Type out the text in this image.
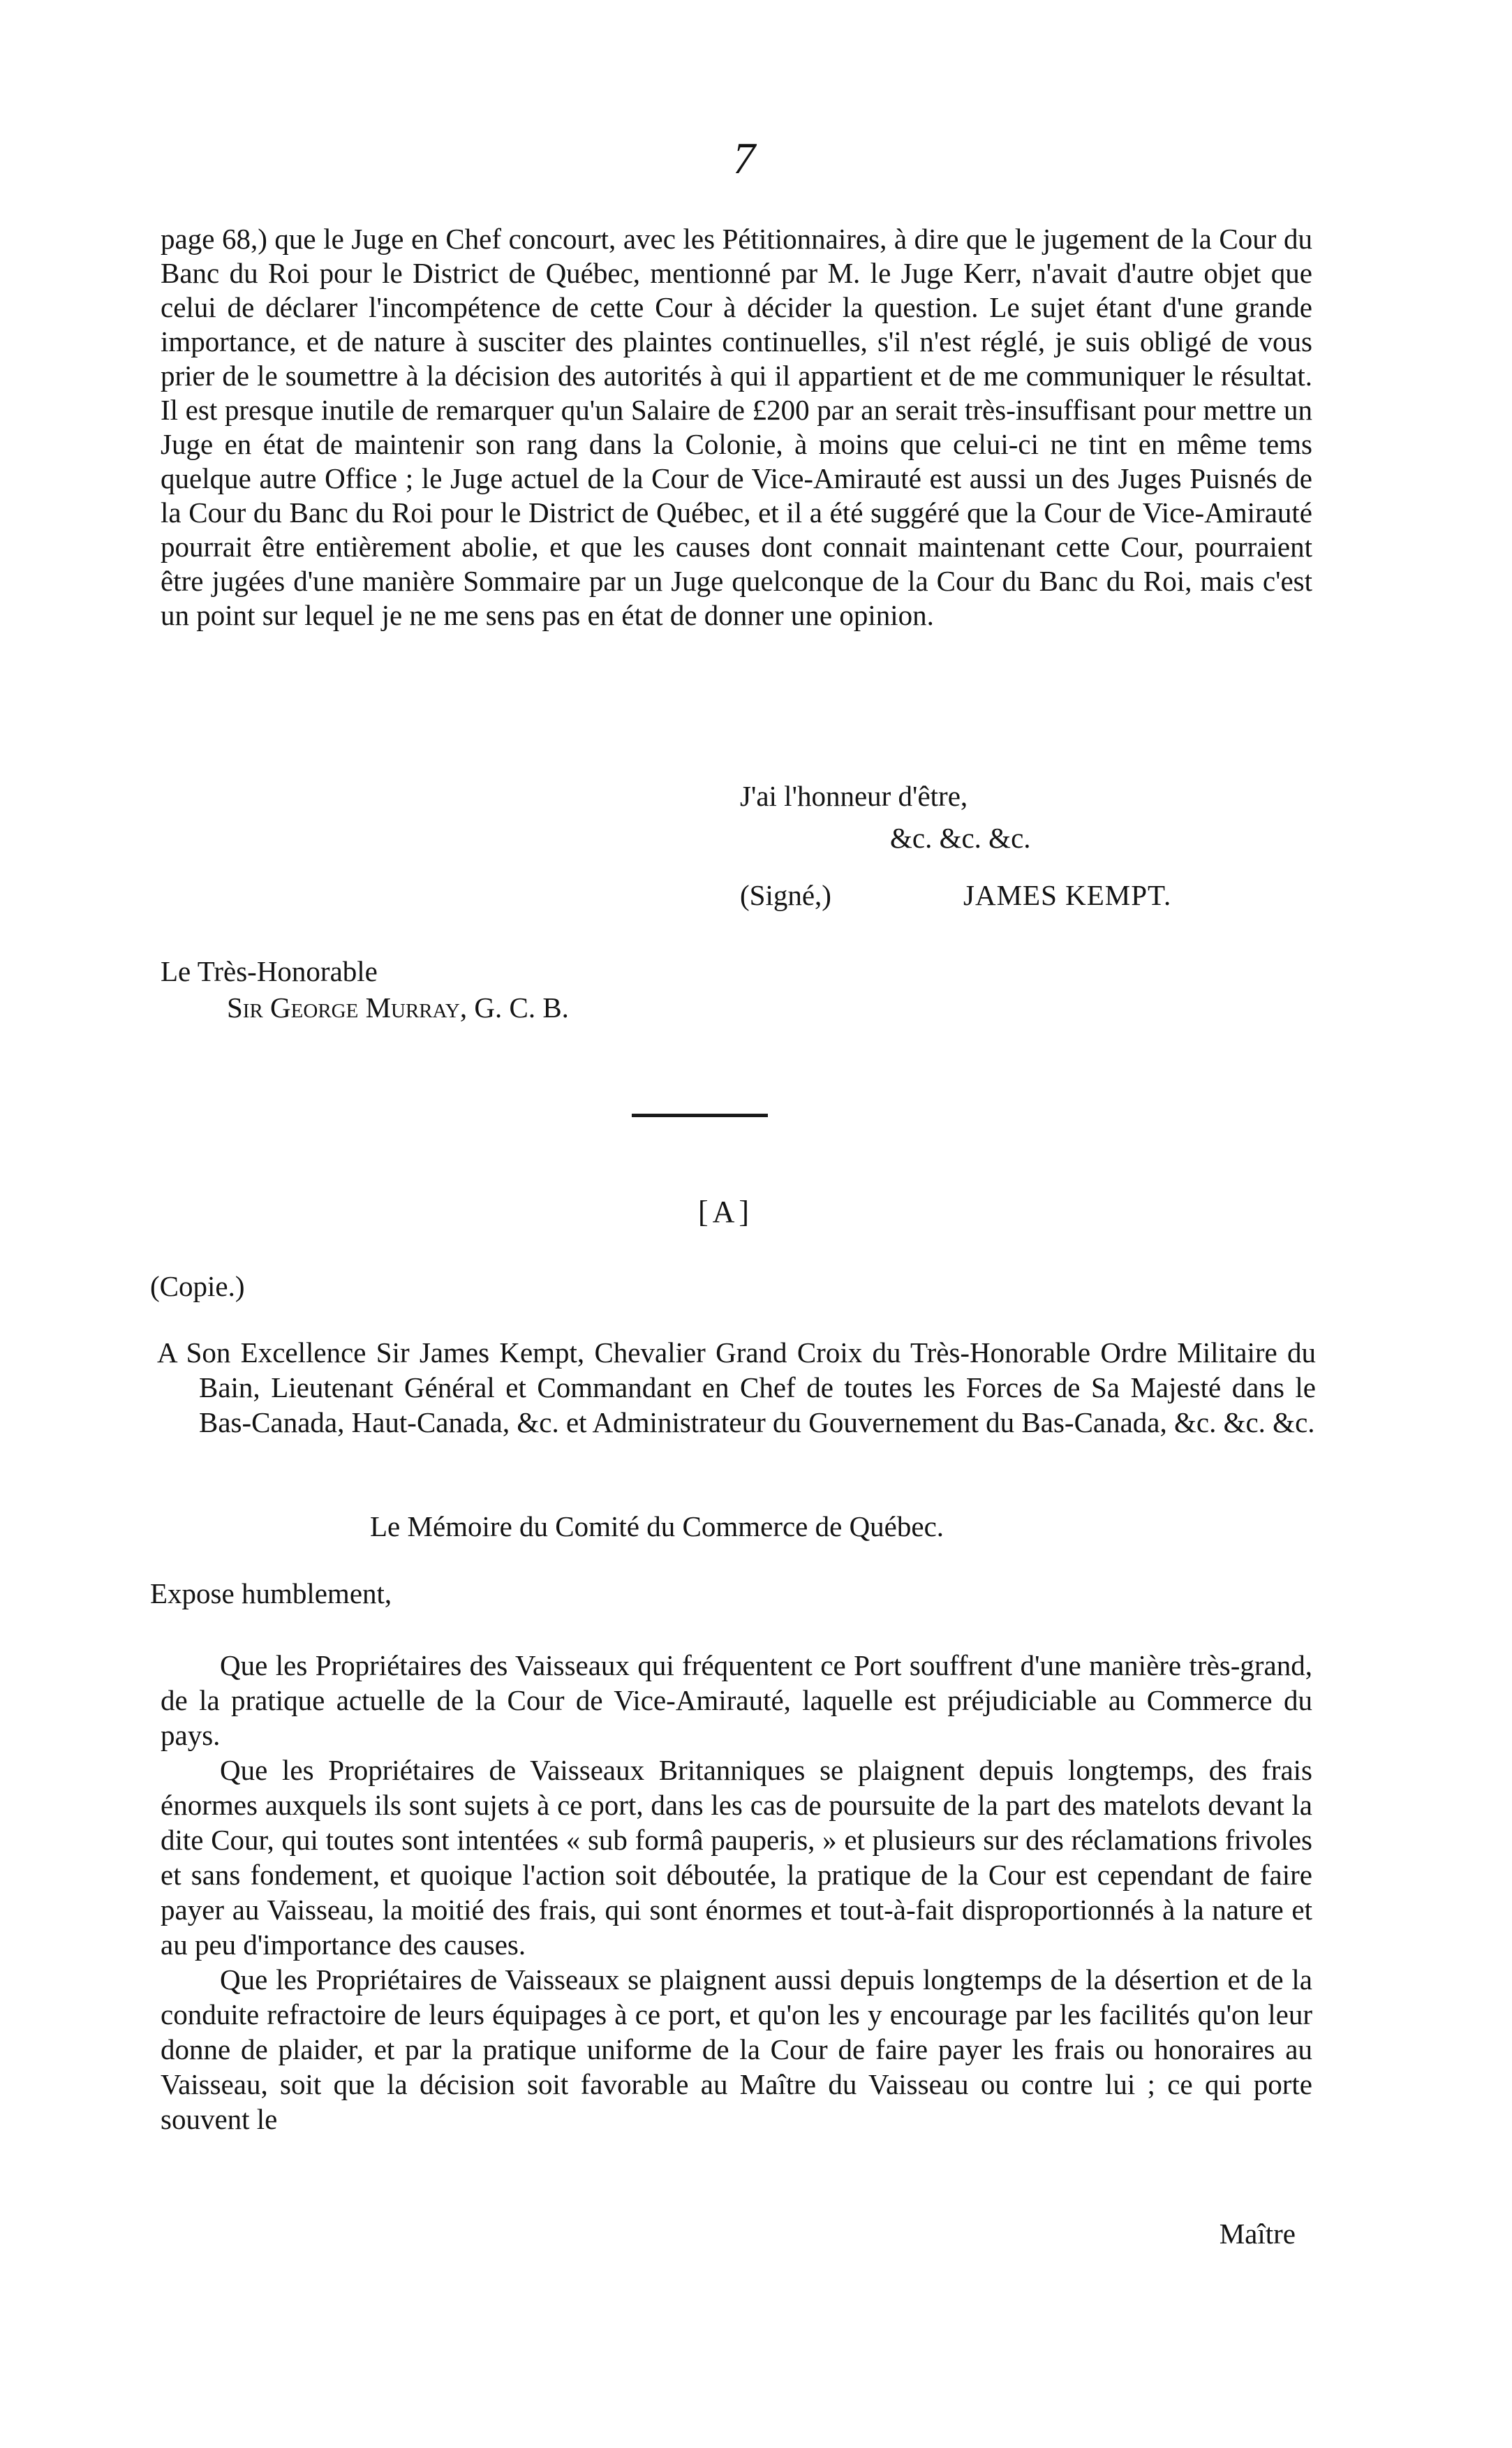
7

page 68,) que le Juge en Chef concourt, avec les Pétitionnaires, à dire que le jugement de la Cour du Banc du Roi pour le District de Québec, mentionné par M. le Juge Kerr, n'avait d'autre objet que celui de déclarer l'incompétence de cette Cour à décider la question. Le sujet étant d'une grande importance, et de nature à susciter des plaintes continuelles, s'il n'est réglé, je suis obligé de vous prier de le soumettre à la décision des autorités à qui il appartient et de me communiquer le résultat. Il est presque inutile de remarquer qu'un Salaire de £200 par an serait très-insuffisant pour mettre un Juge en état de maintenir son rang dans la Colonie, à moins que celui-ci ne tint en même tems quelque autre Office ; le Juge actuel de la Cour de Vice-Amirauté est aussi un des Juges Puisnés de la Cour du Banc du Roi pour le District de Québec, et il a été suggéré que la Cour de Vice-Amirauté pourrait être entièrement abolie, et que les causes dont connait maintenant cette Cour, pourraient être jugées d'une manière Sommaire par un Juge quelconque de la Cour du Banc du Roi, mais c'est un point sur lequel je ne me sens pas en état de donner une opinion.

J'ai l'honneur d'être,
&c. &c. &c.
(Signé,)	JAMES KEMPT.
Le Très-Honorable
Sir George Murray, G. C. B.
[A]
(Copie.)
A Son Excellence Sir James Kempt, Chevalier Grand Croix du Très-Honorable Ordre Militaire du Bain, Lieutenant Général et Commandant en Chef de toutes les Forces de Sa Majesté dans le Bas-Canada, Haut-Canada, &c. et Administrateur du Gouvernement du Bas-Canada, &c. &c. &c.
Le Mémoire du Comité du Commerce de Québec.
Expose humblement,

Que les Propriétaires des Vaisseaux qui fréquentent ce Port souffrent d'une manière très-grand, de la pratique actuelle de la Cour de Vice-Amirauté, laquelle est préjudiciable au Commerce du pays.

Que les Propriétaires de Vaisseaux Britanniques se plaignent depuis longtemps, des frais énormes auxquels ils sont sujets à ce port, dans les cas de poursuite de la part des matelots devant la dite Cour, qui toutes sont intentées « sub formâ pauperis, » et plusieurs sur des réclamations frivoles et sans fondement, et quoique l'action soit déboutée, la pratique de la Cour est cependant de faire payer au Vaisseau, la moitié des frais, qui sont énormes et tout-à-fait disproportionnés à la nature et au peu d'importance des causes.

Que les Propriétaires de Vaisseaux se plaignent aussi depuis longtemps de la désertion et de la conduite refractoire de leurs équipages à ce port, et qu'on les y encourage par les facilités qu'on leur donne de plaider, et par la pratique uniforme de la Cour de faire payer les frais ou honoraires au Vaisseau, soit que la décision soit favorable au Maître du Vaisseau ou contre lui ; ce qui porte souvent le

Maître
